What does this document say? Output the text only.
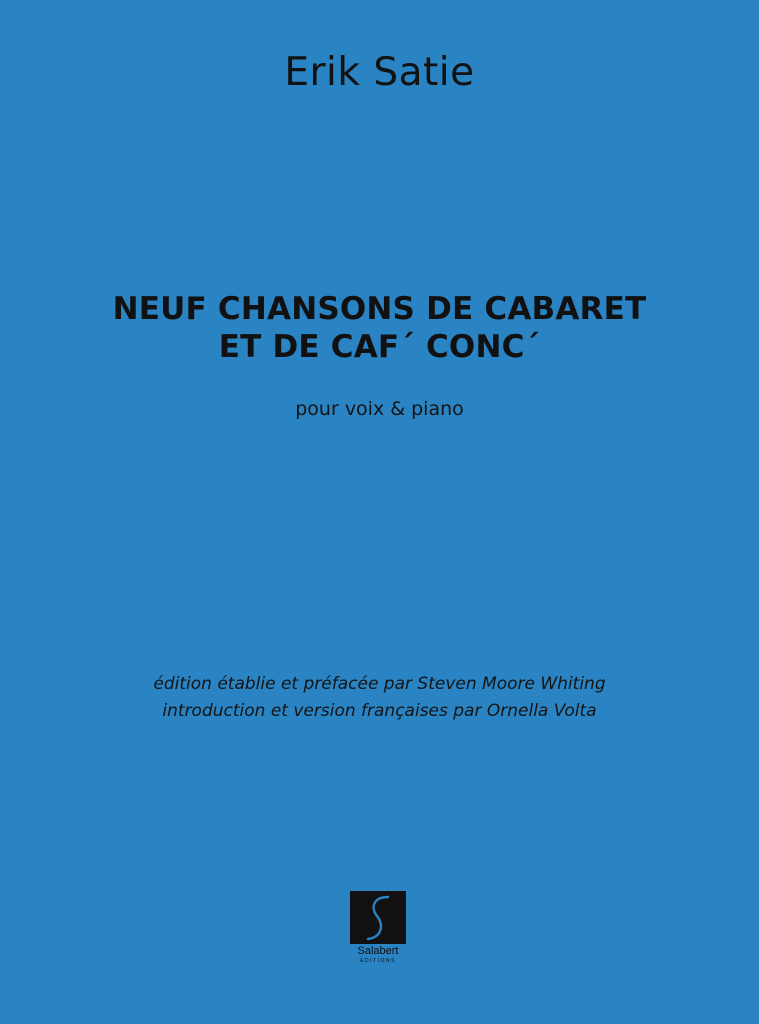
Erik Satie
NEUF CHANSONS DE CABARET
ET DE CAF´ CONC´
pour voix & piano
édition établie et préfacée par Steven Moore Whiting
introduction et version françaises par Ornella Volta
Salabert
EDITIONS
